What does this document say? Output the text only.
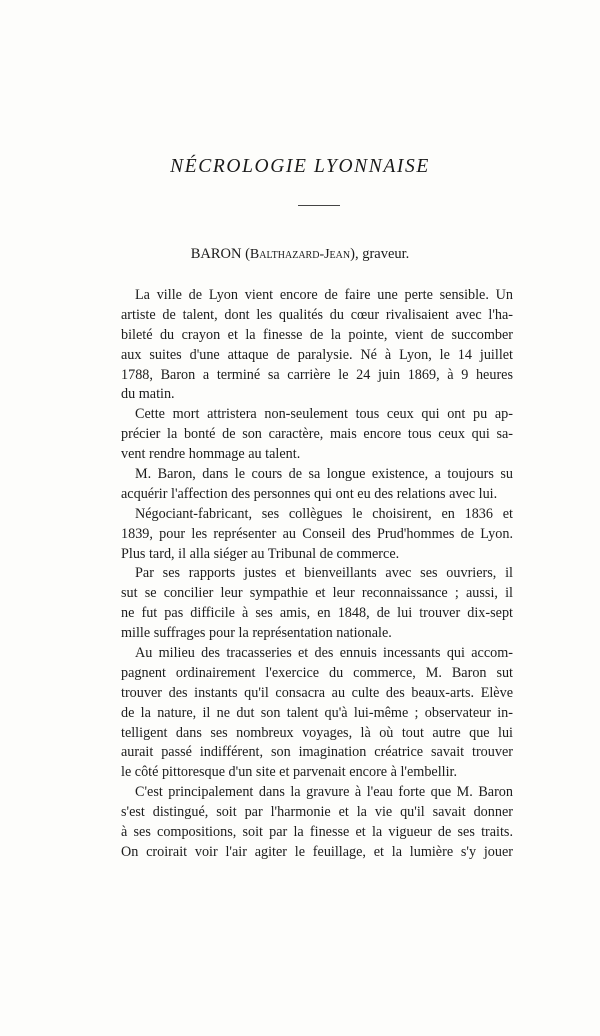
NÉCROLOGIE LYONNAISE
BARON (Balthazard-Jean), graveur.
La ville de Lyon vient encore de faire une perte sensible. Un
artiste de talent, dont les qualités du cœur rivalisaient avec l'ha-
bileté du crayon et la finesse de la pointe, vient de succomber
aux suites d'une attaque de paralysie. Né à Lyon, le 14 juillet
1788, Baron a terminé sa carrière le 24 juin 1869, à 9 heures
du matin.
Cette mort attristera non-seulement tous ceux qui ont pu ap-
précier la bonté de son caractère, mais encore tous ceux qui sa-
vent rendre hommage au talent.
M. Baron, dans le cours de sa longue existence, a toujours su
acquérir l'affection des personnes qui ont eu des relations avec lui.
Négociant-fabricant, ses collègues le choisirent, en 1836 et
1839, pour les représenter au Conseil des Prud'hommes de Lyon.
Plus tard, il alla siéger au Tribunal de commerce.
Par ses rapports justes et bienveillants avec ses ouvriers, il
sut se concilier leur sympathie et leur reconnaissance ; aussi, il
ne fut pas difficile à ses amis, en 1848, de lui trouver dix-sept
mille suffrages pour la représentation nationale.
Au milieu des tracasseries et des ennuis incessants qui accom-
pagnent ordinairement l'exercice du commerce, M. Baron sut
trouver des instants qu'il consacra au culte des beaux-arts. Elève
de la nature, il ne dut son talent qu'à lui-même ; observateur in-
telligent dans ses nombreux voyages, là où tout autre que lui
aurait passé indifférent, son imagination créatrice savait trouver
le côté pittoresque d'un site et parvenait encore à l'embellir.
C'est principalement dans la gravure à l'eau forte que M. Baron
s'est distingué, soit par l'harmonie et la vie qu'il savait donner
à ses compositions, soit par la finesse et la vigueur de ses traits.
On croirait voir l'air agiter le feuillage, et la lumière s'y jouer
